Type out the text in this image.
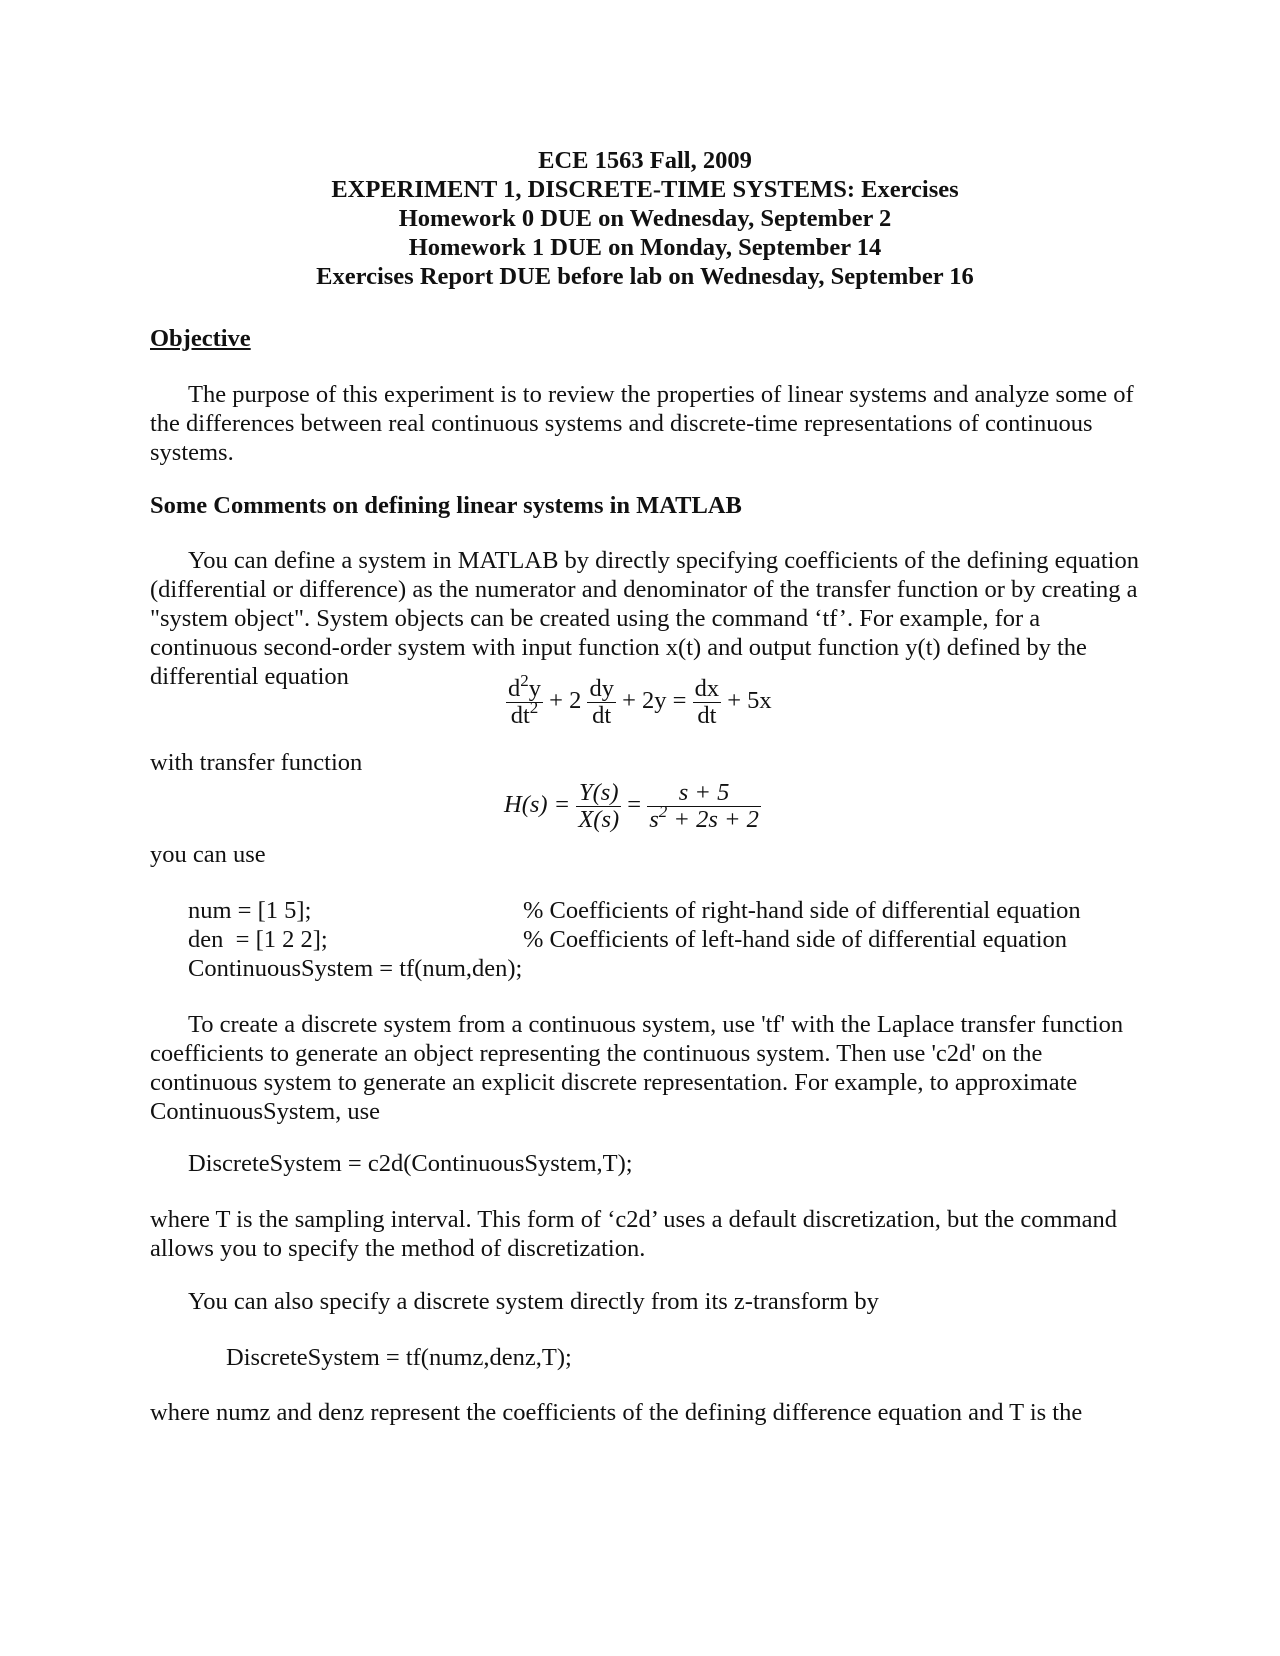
ECE 1563 Fall, 2009
EXPERIMENT 1, DISCRETE-TIME SYSTEMS: Exercises
Homework 0 DUE on Wednesday, September 2
Homework 1 DUE on Monday, September 14
Exercises Report DUE before lab on Wednesday, September 16
Objective
The purpose of this experiment is to review the properties of linear systems and analyze some of the differences between real continuous systems and discrete-time representations of continuous systems.
Some Comments on defining linear systems in MATLAB
You can define a system in MATLAB by directly specifying coefficients of the defining equation (differential or difference) as the numerator and denominator of the transfer function or by creating a "system object". System objects can be created using the command ‘tf’. For example, for a continuous second-order system with input function x(t) and output function y(t) defined by the differential equation	$\frac{d^2y}{dt^2} + 2 \frac{dy}{dt} + 2y = \frac{dx}{dt} + 5x$
with transfer function
$H(s) = \frac{Y(s)}{X(s)} = \frac{s + 5}{s^2 + 2s + 2}$
you can use
num = [1 5];	% Coefficients of right-hand side of differential equation
den  = [1 2 2];	% Coefficients of left-hand side of differential equation
ContinuousSystem = tf(num,den);
To create a discrete system from a continuous system, use 'tf' with the Laplace transfer function coefficients to generate an object representing the continuous system. Then use 'c2d' on the continuous system to generate an explicit discrete representation. For example, to approximate ContinuousSystem, use
DiscreteSystem = c2d(ContinuousSystem,T);
where T is the sampling interval. This form of ‘c2d’ uses a default discretization, but the command allows you to specify the method of discretization.
You can also specify a discrete system directly from its z-transform by
DiscreteSystem = tf(numz,denz,T);
where numz and denz represent the coefficients of the defining difference equation and T is the
